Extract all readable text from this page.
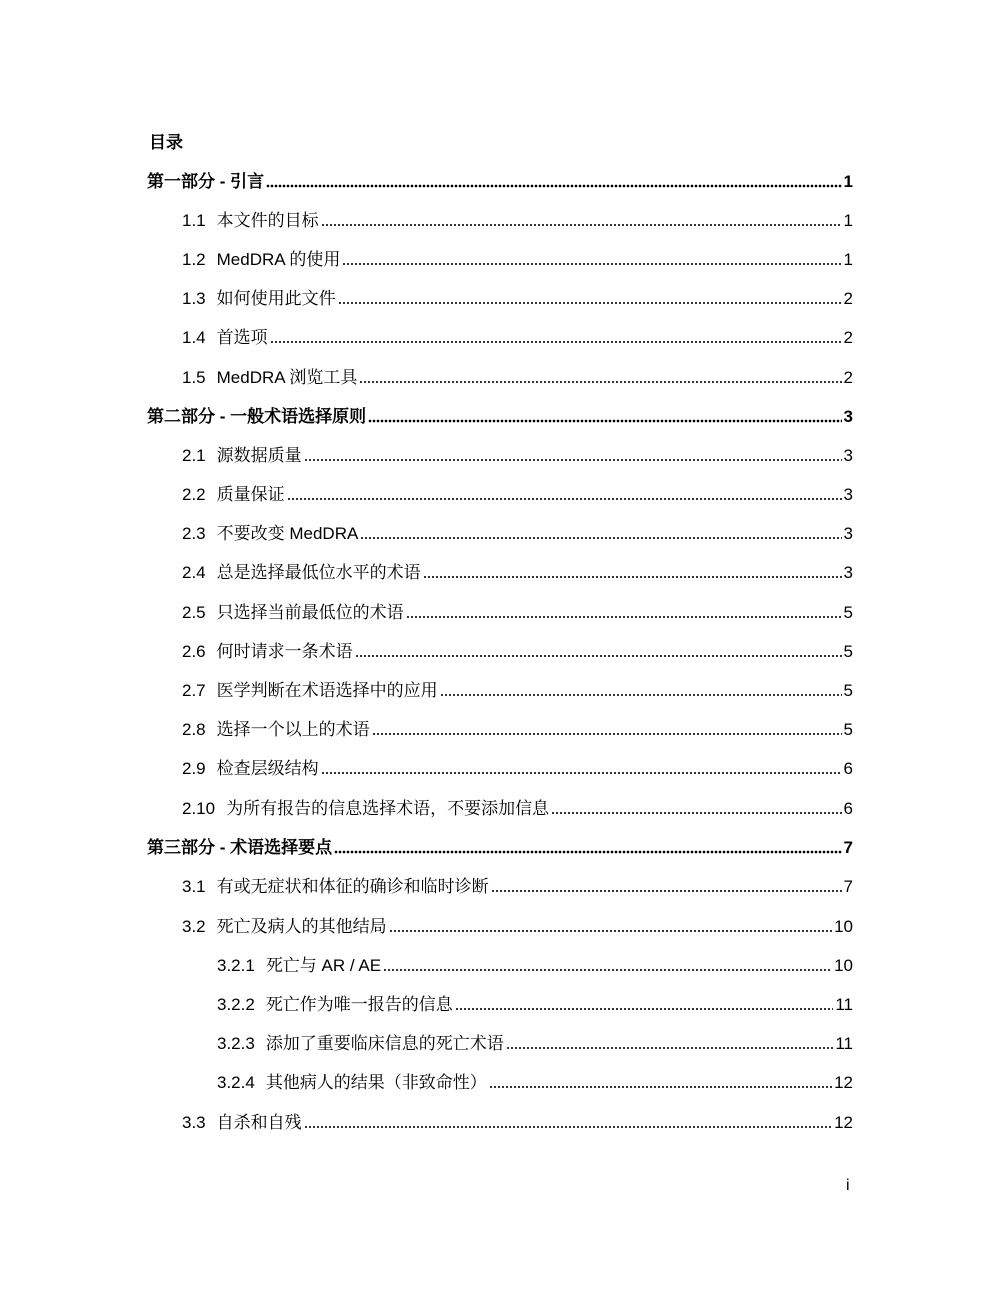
目录
第一部分 - 引言	1
1.1 本文件的目标	1
1.2 MedDRA 的使用	1
1.3 如何使用此文件	2
1.4 首选项	2
1.5 MedDRA 浏览工具	2
第二部分 - 一般术语选择原则	3
2.1 源数据质量	3
2.2 质量保证	3
2.3 不要改变 MedDRA	3
2.4 总是选择最低位水平的术语	3
2.5 只选择当前最低位的术语	5
2.6 何时请求一条术语	5
2.7 医学判断在术语选择中的应用	5
2.8 选择一个以上的术语	5
2.9 检查层级结构	6
2.10 为所有报告的信息选择术语，不要添加信息	6
第三部分 - 术语选择要点	7
3.1 有或无症状和体征的确诊和临时诊断	7
3.2 死亡及病人的其他结局	10
3.2.1 死亡与 AR / AE	10
3.2.2 死亡作为唯一报告的信息	11
3.2.3 添加了重要临床信息的死亡术语	11
3.2.4 其他病人的结果（非致命性）	12
3.3 自杀和自残	12
i
